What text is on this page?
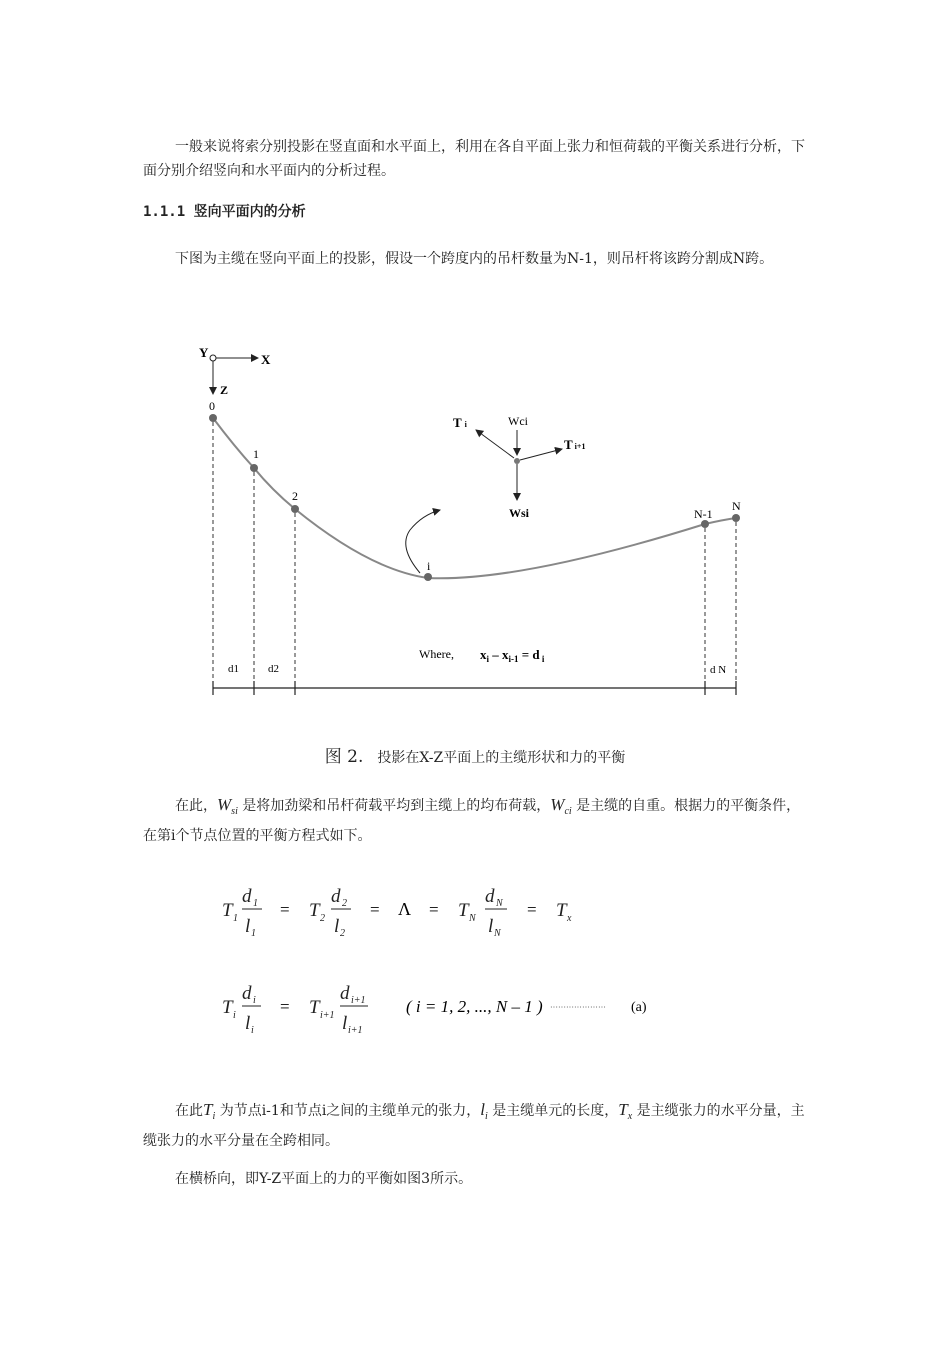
一般来说将索分别投影在竖直面和水平面上，利用在各自平面上张力和恒荷载的平衡关系进行分析，下面分别介绍竖向和水平面内的分析过程。
1.1.1 竖向平面内的分析
下图为主缆在竖向平面上的投影，假设一个跨度内的吊杆数量为N-1，则吊杆将该跨分割成N跨。
Y	X
Z
0
1
2
i
N-1
N
d1	d2	d N
Where, $x_i - x_{i-1} = d$ i
Ti
Ti+1
Wci
Wsi
图 2. 投影在X-Z平面上的主缆形状和力的平衡
在此，$W_{si}$ 是将加劲梁和吊杆荷载平均到主缆上的均布荷载，$W_{ci}$ 是主缆的自重。根据力的平衡条件，在第i个节点位置的平衡方程式如下。
T 1
d 1
l 1
= T 2
d 2
l 2
= Λ = T N
d N
l N
= T x
T i
d i
l i
= T i+1
d i+1
l i+1
( i = 1, 2, ..., N – 1 ) ····················· (a)
在此$T_i$ 为节点i-1和节点i之间的主缆单元的张力，$l_i$ 是主缆单元的长度，$T_x$ 是主缆张力的水平分量，主缆张力的水平分量在全跨相同。
在横桥向，即Y-Z平面上的力的平衡如图3所示。
